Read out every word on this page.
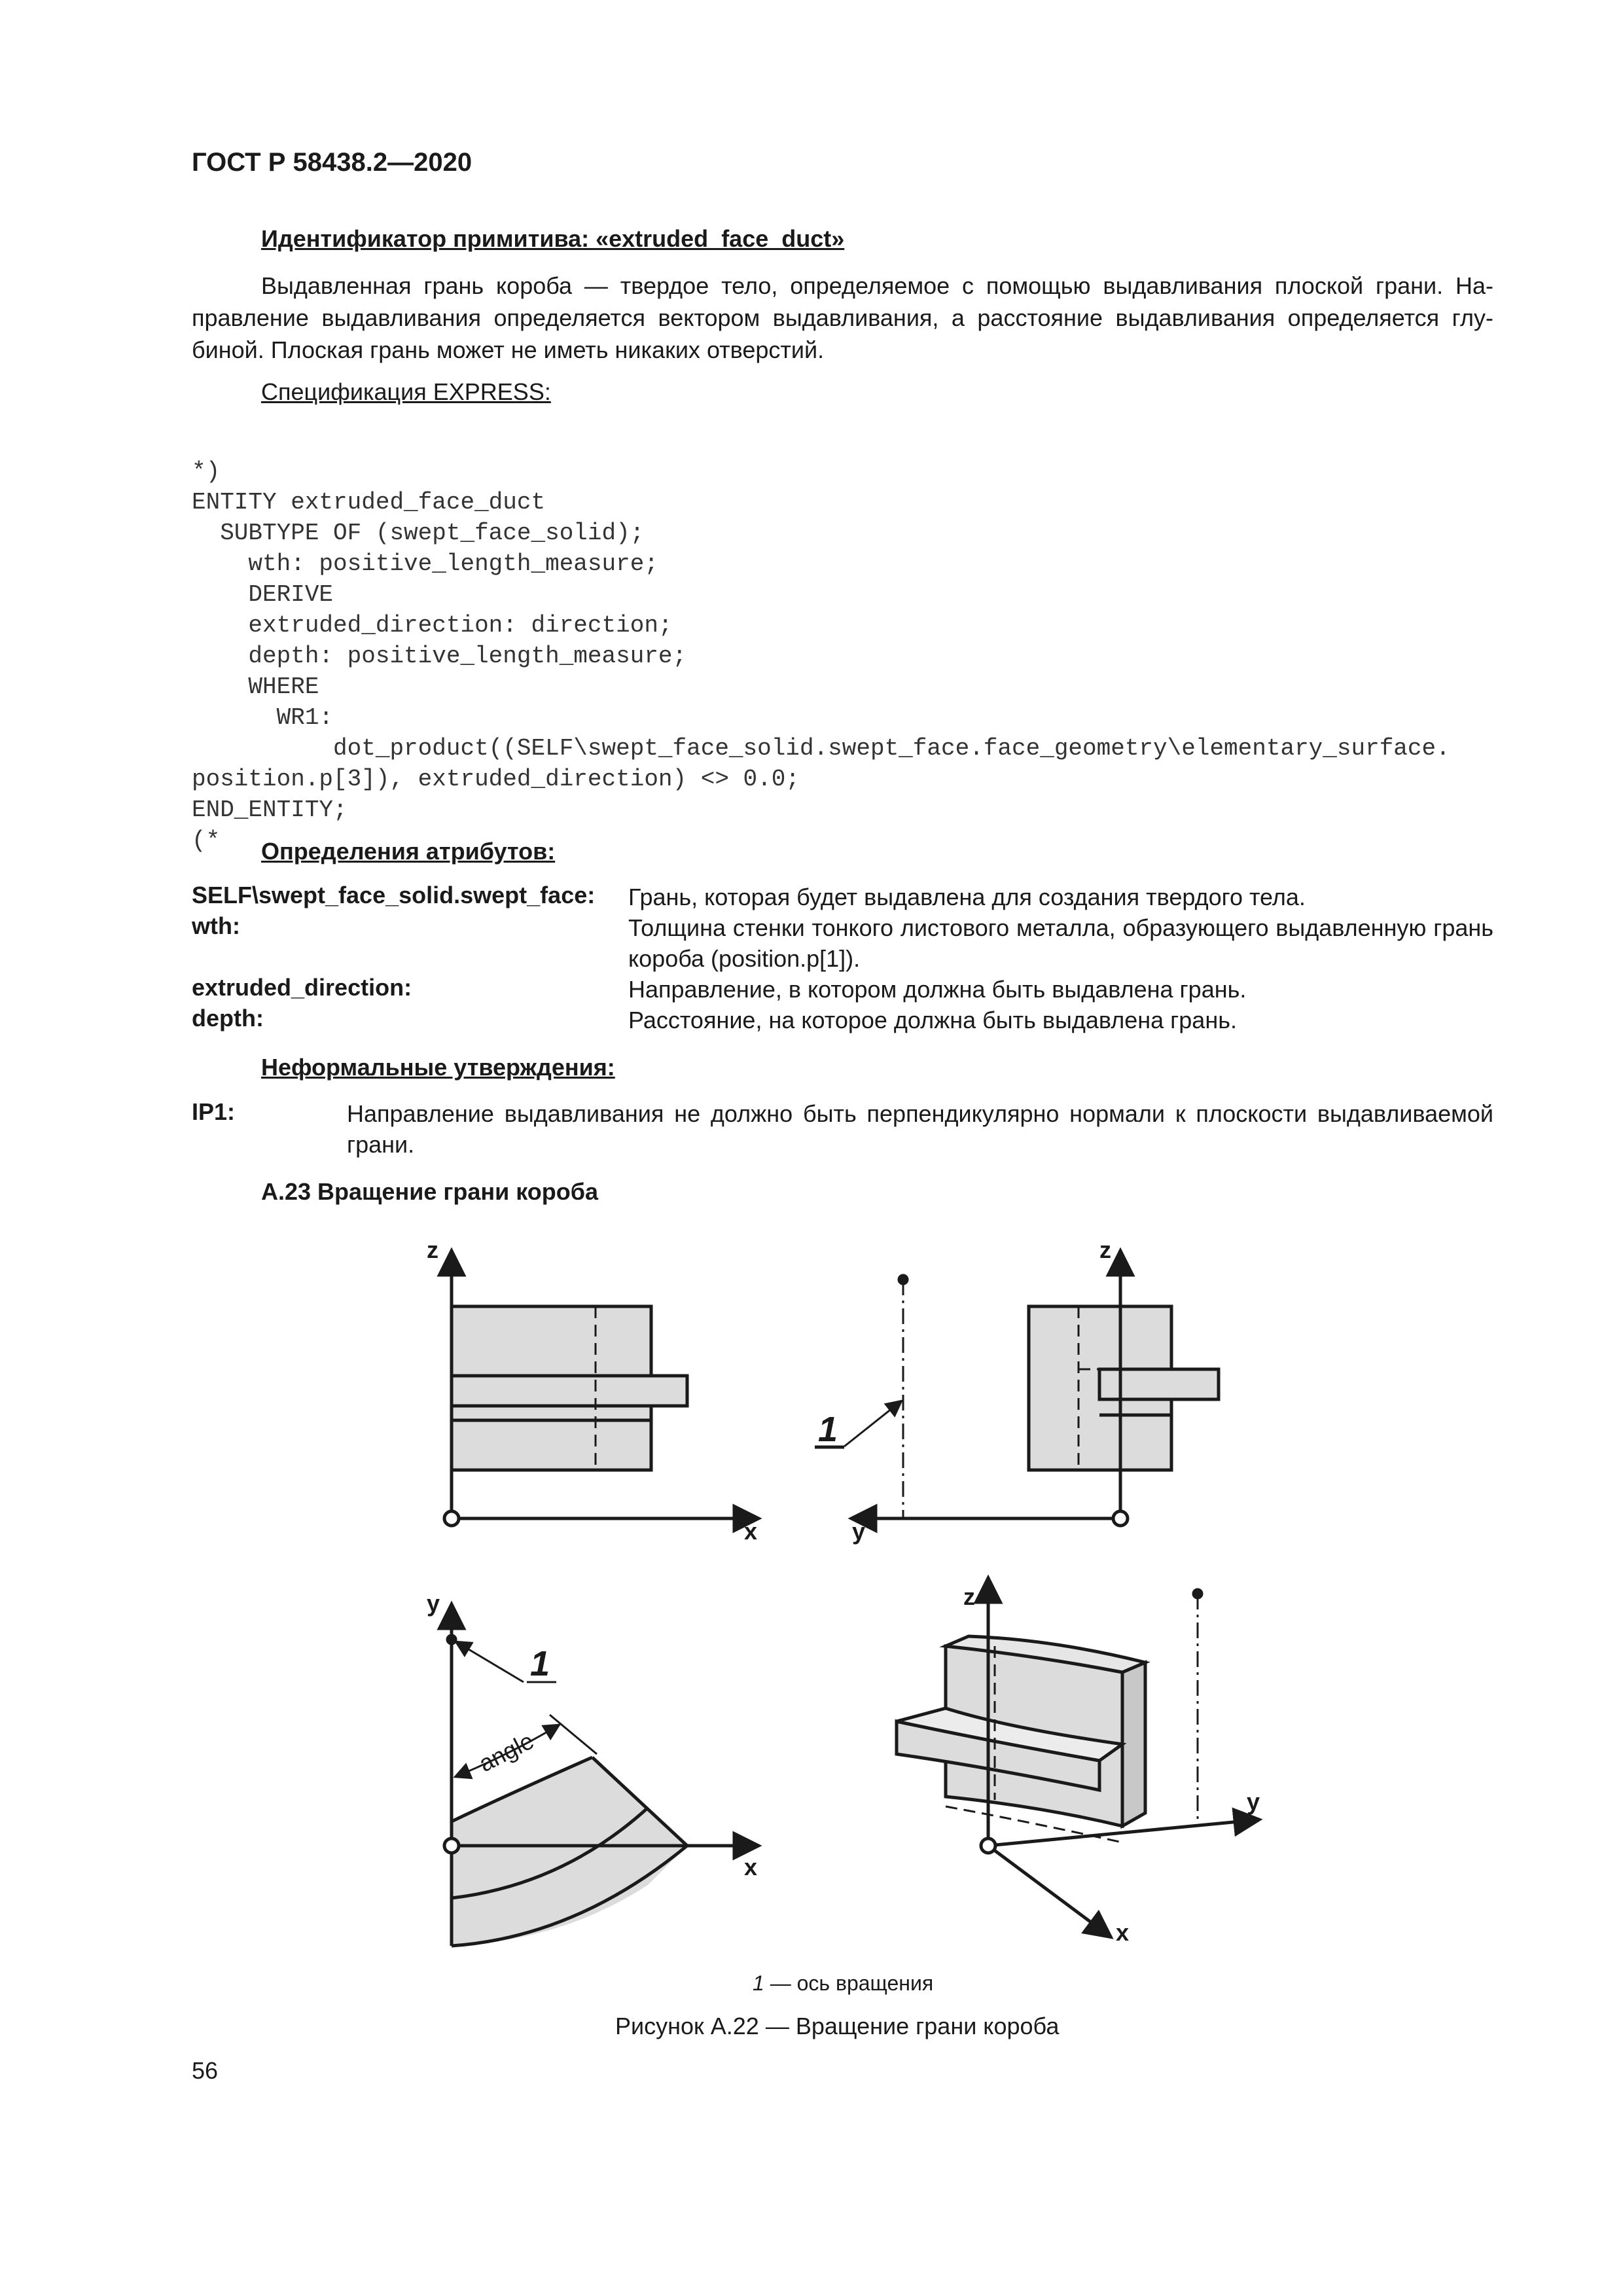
ГОСТ Р 58438.2—2020
Идентификатор примитива: «extruded_face_duct»
Выдавленная грань короба — твердое тело, определяемое с помощью выдавливания плоской грани. На-
правление выдавливания определяется вектором выдавливания, а расстояние выдавливания определяется глу-
биной. Плоская грань может не иметь никаких отверстий.
Спецификация EXPRESS:

*)
ENTITY extruded_face_duct
SUBTYPE OF (swept_face_solid);
wth: positive_length_measure;
DERIVE
extruded_direction: direction;
depth: positive_length_measure;
WHERE
WR1:
dot_product((SELF\swept_face_solid.swept_face.face_geometry\elementary_surface.
position.p[3]), extruded_direction) <> 0.0;
END_ENTITY;
(*	Определения атрибутов:
SELF\swept_face_solid.swept_face:	Грань, которая будет выдавлена для создания твердого тела.
wth:	Толщина стенки тонкого листового металла, образующего выдавленную грань короба (position.p[1]).
extruded_direction:	Направление, в котором должна быть выдавлена грань.
depth:	Расстояние, на которое должна быть выдавлена грань.
Неформальные утверждения:
IP1:	Направление выдавливания не должно быть перпендикулярно нормали к плоскости выдавливаемой грани.
А.23 Вращение грани короба
z
x
z
y
y
x
z
y
x
1
1
angle
1 — ось вращения
Рисунок А.22 — Вращение грани короба
56
